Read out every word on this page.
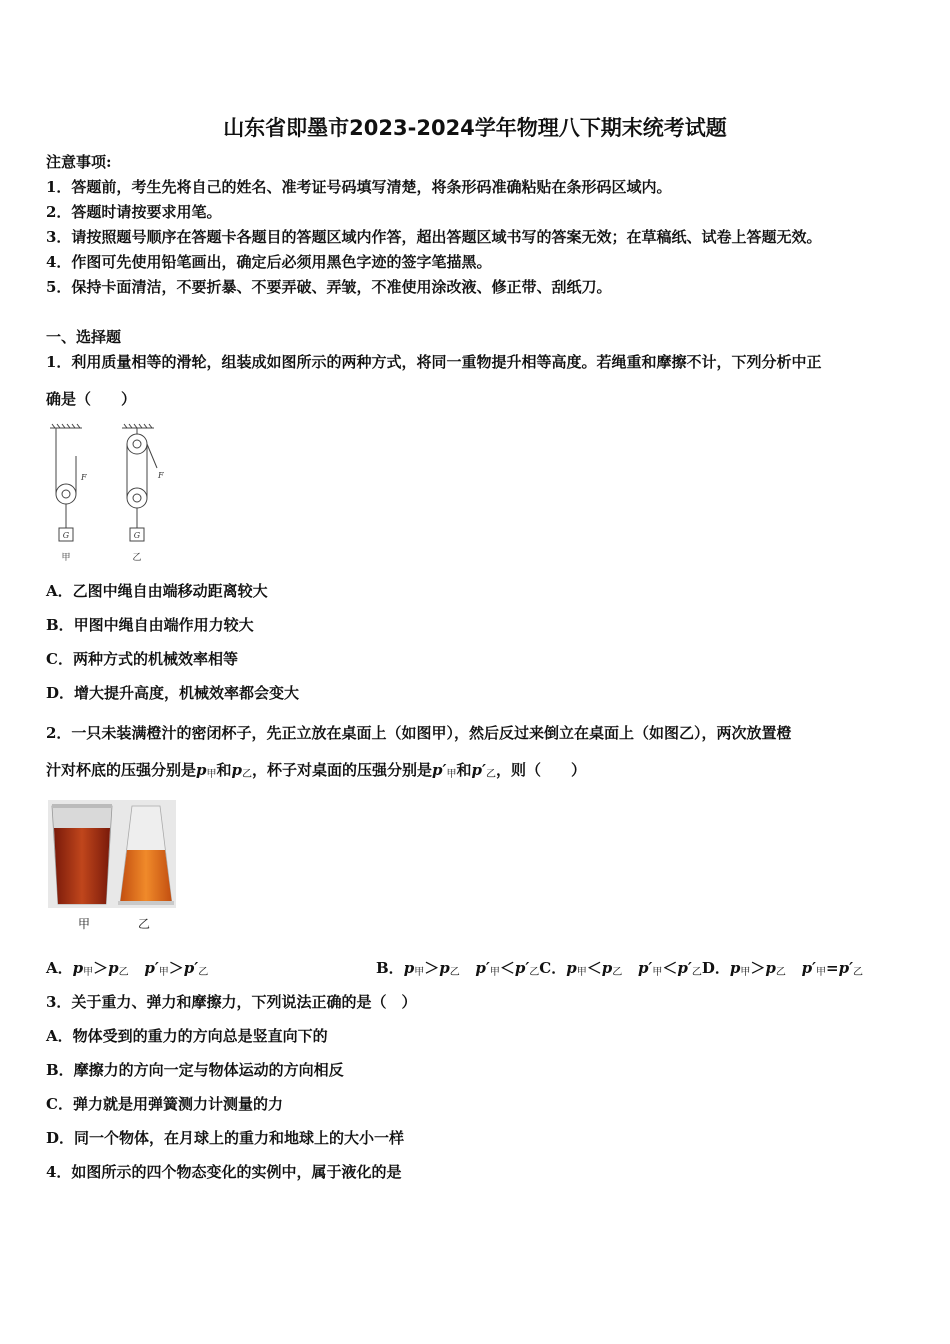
山东省即墨市2023-2024学年物理八下期末统考试题
注意事项:
1．答题前，考生先将自己的姓名、准考证号码填写清楚，将条形码准确粘贴在条形码区域内。
2．答题时请按要求用笔。
3．请按照题号顺序在答题卡各题目的答题区域内作答，超出答题区域书写的答案无效；在草稿纸、试卷上答题无效。
4．作图可先使用铅笔画出，确定后必须用黑色字迹的签字笔描黑。
5．保持卡面清洁，不要折暴、不要弄破、弄皱，不准使用涂改液、修正带、刮纸刀。
一、选择题
1．利用质量相等的滑轮，组装成如图所示的两种方式，将同一重物提升相等高度。若绳重和摩擦不计，下列分析中正
确是（　　）
G	G
F	F
甲	乙
A．乙图中绳自由端移动距离较大
B．甲图中绳自由端作用力较大
C．两种方式的机械效率相等
D．增大提升高度，机械效率都会变大
2．一只未装满橙汁的密闭杯子，先正立放在桌面上（如图甲），然后反过来倒立在桌面上（如图乙），两次放置橙
汁对杯底的压强分别是$p_甲$和$p_乙$，杯子对桌面的压强分别是$p'_甲$和$p'_乙$，则（　　）
甲	乙
A．$p_甲>p_乙$ $p'_甲>p'_乙$	B．$p_甲>p_乙$ $p'_甲<p'_乙C$．$p_甲<p_乙$ $p'_甲<p'_乙D$．$p_甲>p_乙$ $p'_甲=p'_乙$
3．关于重力、弹力和摩擦力，下列说法正确的是（　）
A．物体受到的重力的方向总是竖直向下的
B．摩擦力的方向一定与物体运动的方向相反
C．弹力就是用弹簧测力计测量的力
D．同一个物体，在月球上的重力和地球上的大小一样
4．如图所示的四个物态变化的实例中，属于液化的是
